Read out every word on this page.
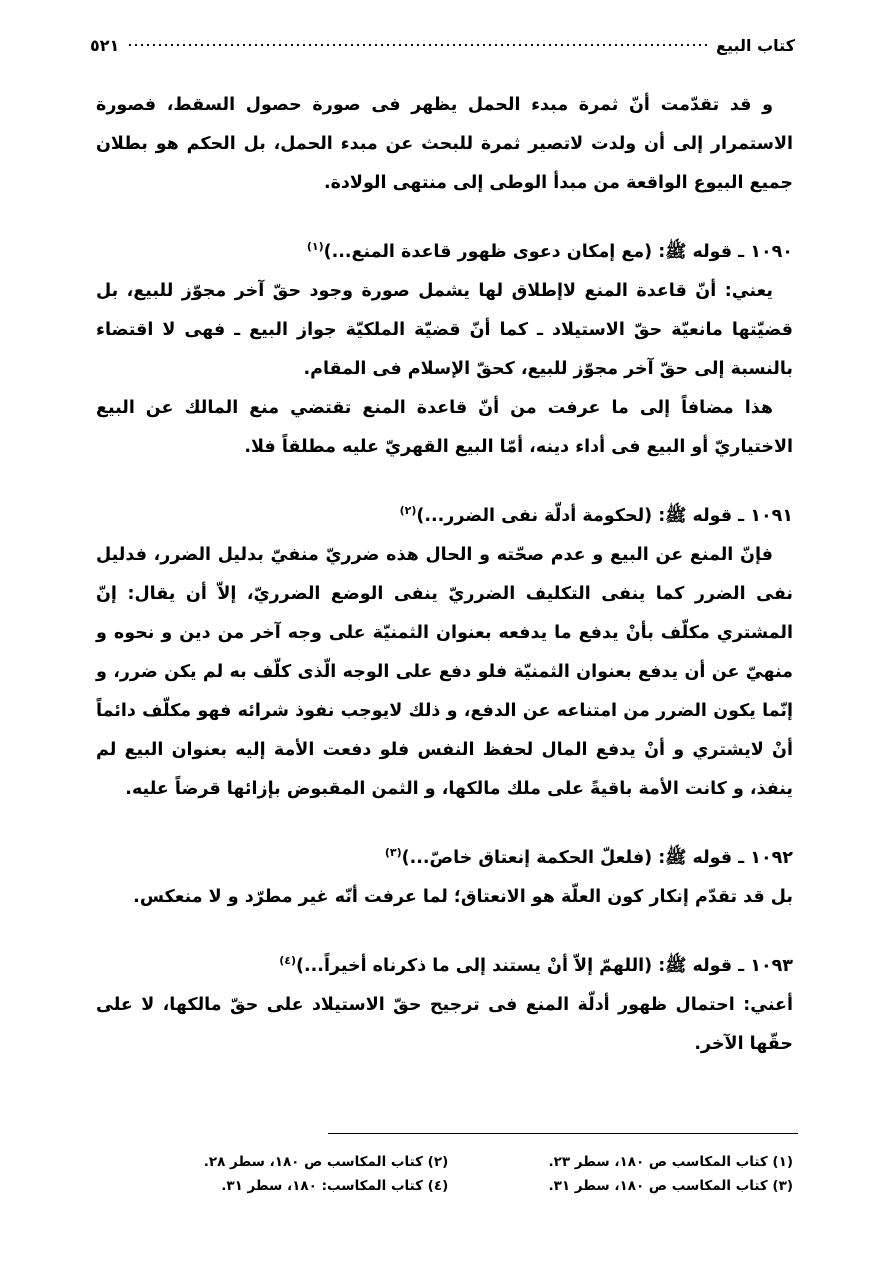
كتاب البيع
٥٢١

و قد تقدّمت أنّ ثمرة مبدء الحمل يظهر فى صورة حصول السقط، فصورة الاستمرار إلى أن ولدت لاتصير ثمرة للبحث عن مبدء الحمل، بل الحكم هو بطلان جميع البيوع الواقعة من مبدأ الوطى إلى منتهى الولادة.

١٠٩٠ ـ قوله ﷺ: (مع إمكان دعوى ظهور قاعدة المنع...)$^{(١)}$

يعني: أنّ قاعدة المنع لاإطلاق لها يشمل صورة وجود حقّ آخر مجوّز للبيع، بل قضيّتها مانعيّة حقّ الاستيلاد ـ كما أنّ قضيّة الملكيّة جواز البيع ـ فهى لا اقتضاء بالنسبة إلى حقّ آخر مجوّز للبيع، كحقّ الإسلام فى المقام.

هذا مضافاً إلى ما عرفت من أنّ قاعدة المنع تقتضي منع المالك عن البيع الاختياريّ أو البيع فى أداء دينه، أمّا البيع القهريّ عليه مطلقاً فلا.

١٠٩١ ـ قوله ﷺ: (لحكومة أدلّة نفى الضرر...)$^{(٢)}$

فإنّ المنع عن البيع و عدم صحّته و الحال هذه ضرريّ منفيّ بدليل الضرر، فدليل نفى الضرر كما ينفى التكليف الضرريّ ينفى الوضع الضرريّ، إلاّ أن يقال: إنّ المشتري مكلّف بأنْ يدفع ما يدفعه بعنوان الثمنيّة على وجه آخر من دين و نحوه و منهيّ عن أن يدفع بعنوان الثمنيّة فلو دفع على الوجه الّذى كلّف به لم يكن ضرر، و إنّما يكون الضرر من امتناعه عن الدفع، و ذلك لايوجب نفوذ شرائه فهو مكلّف دائماً أنْ لايشتري و أنْ يدفع المال لحفظ النفس فلو دفعت الأمة إليه بعنوان البيع لم ينفذ، و كانت الأمة باقيةً على ملك مالكها، و الثمن المقبوض بإزائها قرضاً عليه.

١٠٩٢ ـ قوله ﷺ: (فلعلّ الحكمة إنعتاق خاصّ...)$^{(٣)}$

بل قد تقدّم إنكار كون العلّة هو الانعتاق؛ لما عرفت أنّه غير مطرّد و لا منعكس.

١٠٩٣ ـ قوله ﷺ: (اللهمّ إلاّ أنْ يستند إلى ما ذكرناه أخيراً...)$^{(٤)}$

أعني: احتمال ظهور أدلّة المنع فى ترجيح حقّ الاستيلاد على حقّ مالكها، لا على حقّها الآخر.

(١) كتاب المكاسب ص ١٨٠، سطر ٢٣.
(٢) كتاب المكاسب ص ١٨٠، سطر ٢٨.
(٣) كتاب المكاسب ص ١٨٠، سطر ٣١.
(٤) كتاب المكاسب: ١٨٠، سطر ٣١.
